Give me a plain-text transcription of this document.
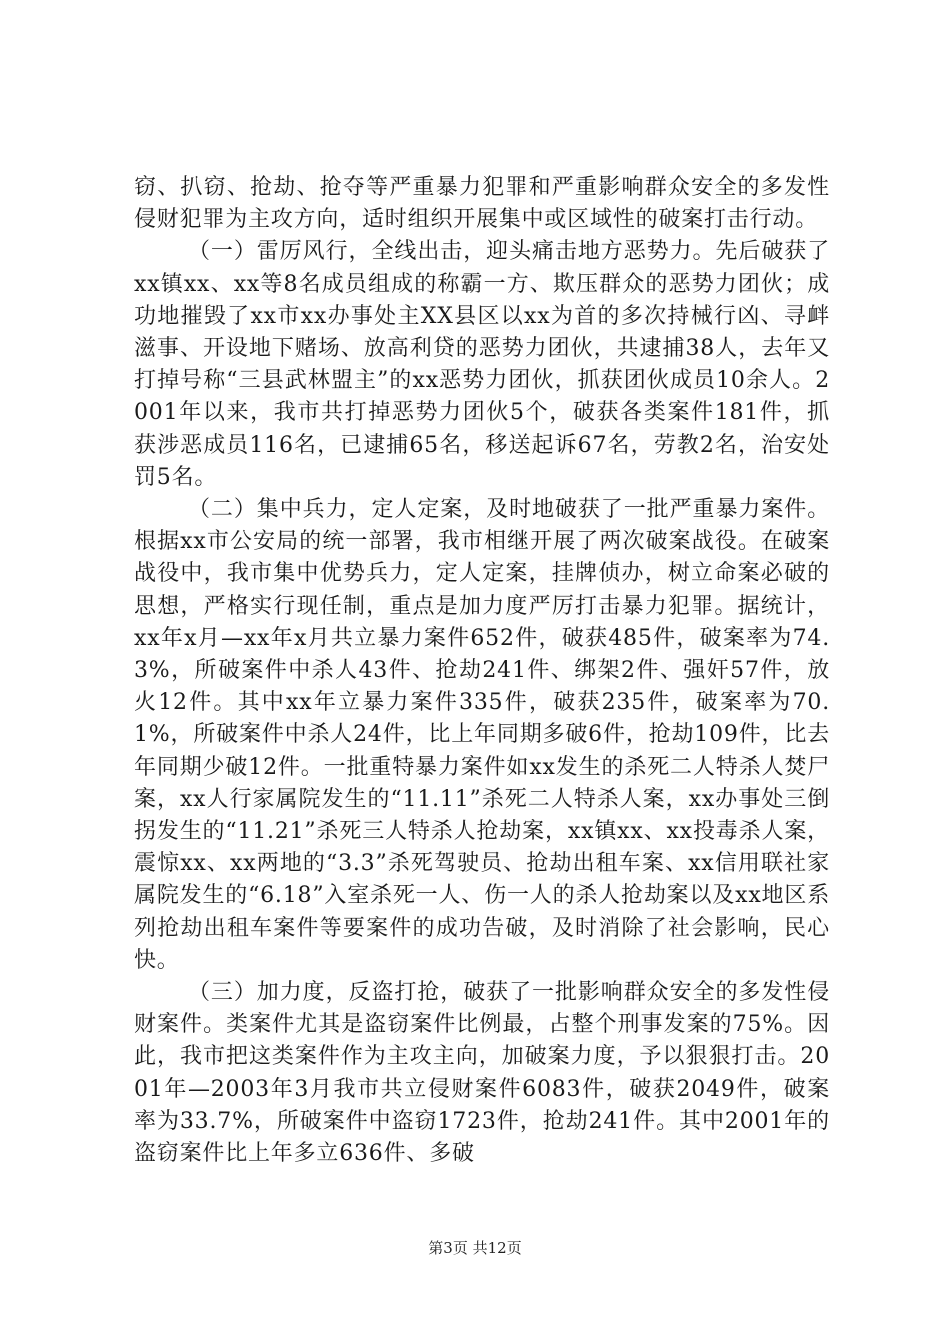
窃、扒窃、抢劫、抢夺等严重暴力犯罪和严重影响群众安全的多发性侵财犯罪为主攻方向，适时组织开展集中或区域性的破案打击行动。

（一）雷厉风行，全线出击，迎头痛击地方恶势力。先后破获了xx镇xx、xx等8名成员组成的称霸一方、欺压群众的恶势力团伙；成功地摧毁了xx市xx办事处主XX县区以xx为首的多次持械行凶、寻衅滋事、开设地下赌场、放高利贷的恶势力团伙，共逮捕38人，去年又打掉号称“三县武林盟主”的xx恶势力团伙，抓获团伙成员10余人。2001年以来，我市共打掉恶势力团伙5个，破获各类案件181件，抓获涉恶成员116名，已逮捕65名，移送起诉67名，劳教2名，治安处罚5名。

（二）集中兵力，定人定案，及时地破获了一批严重暴力案件。根据xx市公安局的统一部署，我市相继开展了两次破案战役。在破案战役中，我市集中优势兵力，定人定案，挂牌侦办，树立命案必破的思想，严格实行现任制，重点是加力度严厉打击暴力犯罪。据统计，xx年x月—xx年x月共立暴力案件652件，破获485件，破案率为74.3%，所破案件中杀人43件、抢劫241件、绑架2件、强奸57件，放火12件。其中xx年立暴力案件335件，破获235件，破案率为70.1%，所破案件中杀人24件，比上年同期多破6件，抢劫109件，比去年同期少破12件。一批重特暴力案件如xx发生的杀死二人特杀人焚尸案，xx人行家属院发生的“11.11”杀死二人特杀人案，xx办事处三倒拐发生的“11.21”杀死三人特杀人抢劫案，xx镇xx、xx投毒杀人案，震惊xx、xx两地的“3.3”杀死驾驶员、抢劫出租车案、xx信用联社家属院发生的“6.18”入室杀死一人、伤一人的杀人抢劫案以及xx地区系列抢劫出租车案件等要案件的成功告破，及时消除了社会影响，民心快。

（三）加力度，反盗打抢，破获了一批影响群众安全的多发性侵财案件。类案件尤其是盗窃案件比例最，占整个刑事发案的75%。因此，我市把这类案件作为主攻主向，加破案力度，予以狠狠打击。2001年—2003年3月我市共立侵财案件6083件，破获2049件，破案率为33.7%，所破案件中盗窃1723件，抢劫241件。其中2001年的盗窃案件比上年多立636件、多破

第3页 共12页
